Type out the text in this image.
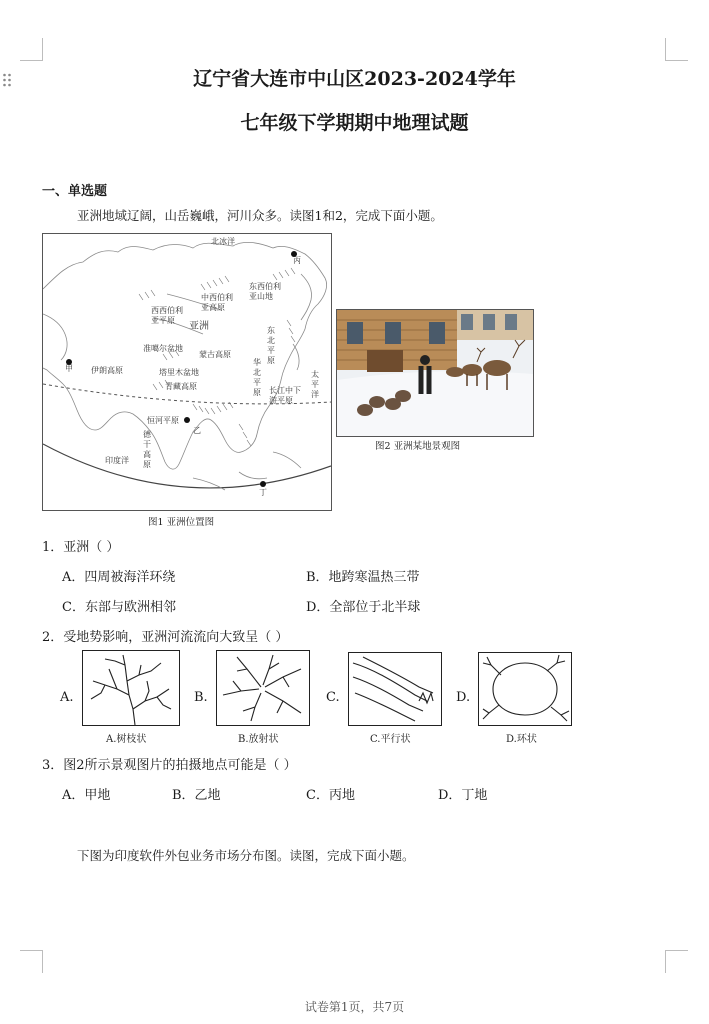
辽宁省大连市中山区2023-2024学年
七年级下学期期中地理试题
一、单选题
亚洲地域辽阔，山岳巍峨，河川众多。读图1和2，完成下面小题。
北冰洋
丙
西西伯利
亚平原
中西伯利
亚高原
东西伯利
亚山地
亚洲
准噶尔盆地
蒙古高原
东
北
平
原
甲 伊朗高原	塔里木盆地
青藏高原
华
北
平
原 长江中下
游平原
太
平
洋
恒河平原
乙
德
干
高
原
印度洋
丁
图1 亚洲位置图
图2 亚洲某地景观图
1．亚洲（ ）
A．四周被海洋环绕	B．地跨寒温热三带
C．东部与欧洲相邻	D．全部位于北半球
2．受地势影响，亚洲河流流向大致呈（ ）
A.
A.树枝状
B.
B.放射状
C.
C.平行状
D.
D.环状
3．图2所示景观图片的拍摄地点可能是（ ）
A．甲地	B．乙地	C．丙地	D．丁地
下图为印度软件外包业务市场分布图。读图，完成下面小题。
试卷第1页，共7页
